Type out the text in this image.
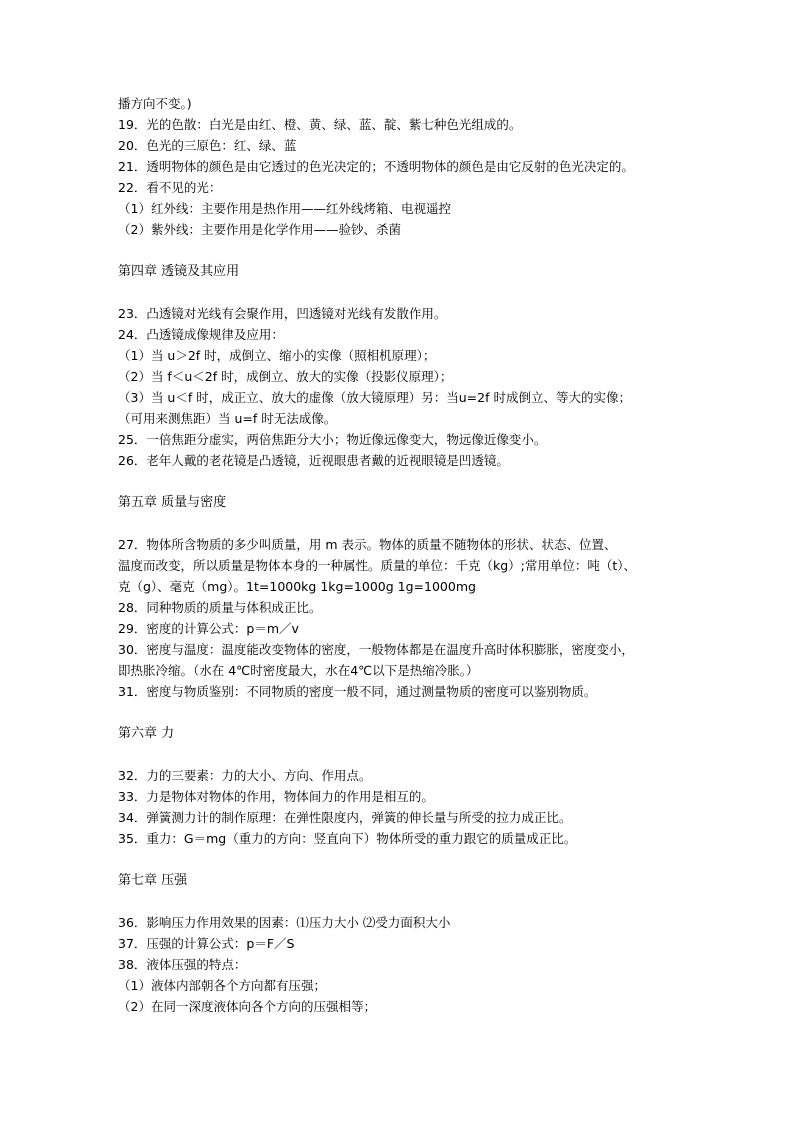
播方向不变。)
19．光的色散：白光是由红、橙、黄、绿、蓝、靛、紫七种色光组成的。
20．色光的三原色：红、绿、蓝
21．透明物体的颜色是由它透过的色光决定的；不透明物体的颜色是由它反射的色光决定的。
22．看不见的光：
（1）红外线：主要作用是热作用——红外线烤箱、电视遥控
（2）紫外线：主要作用是化学作用——验钞、杀菌
第四章 透镜及其应用
23．凸透镜对光线有会聚作用，凹透镜对光线有发散作用。
24．凸透镜成像规律及应用：
（1）当 u＞2f 时，成倒立、缩小的实像（照相机原理）；
（2）当 f＜u＜2f 时，成倒立、放大的实像（投影仪原理）；
（3）当 u＜f 时，成正立、放大的虚像（放大镜原理）另：当u=2f 时成倒立、等大的实像；
（可用来测焦距）当 u=f 时无法成像。
25．一倍焦距分虚实，两倍焦距分大小；物近像远像变大，物远像近像变小。
26．老年人戴的老花镜是凸透镜，近视眼患者戴的近视眼镜是凹透镜。
第五章 质量与密度
27．物体所含物质的多少叫质量，用 m 表示。物体的质量不随物体的形状、状态、位置、
温度而改变，所以质量是物体本身的一种属性。质量的单位：千克（kg）;常用单位：吨（t）、
克（g）、毫克（mg）。1t=1000kg 1kg=1000g 1g=1000mg
28．同种物质的质量与体积成正比。
29．密度的计算公式：p＝m／v
30．密度与温度：温度能改变物体的密度，一般物体都是在温度升高时体积膨胀，密度变小，
即热胀冷缩。（水在 4℃时密度最大，水在4℃以下是热缩冷胀。）
31．密度与物质鉴别：不同物质的密度一般不同，通过测量物质的密度可以鉴别物质。
第六章 力
32．力的三要素：力的大小、方向、作用点。
33．力是物体对物体的作用，物体间力的作用是相互的。
34．弹簧测力计的制作原理：在弹性限度内，弹簧的伸长量与所受的拉力成正比。
35．重力：G＝mg（重力的方向：竖直向下）物体所受的重力跟它的质量成正比。
第七章 压强
36．影响压力作用效果的因素：⑴压力大小 ⑵受力面积大小
37．压强的计算公式：p＝F／S
38．液体压强的特点：
（1）液体内部朝各个方向都有压强；
（2）在同一深度液体向各个方向的压强相等；
